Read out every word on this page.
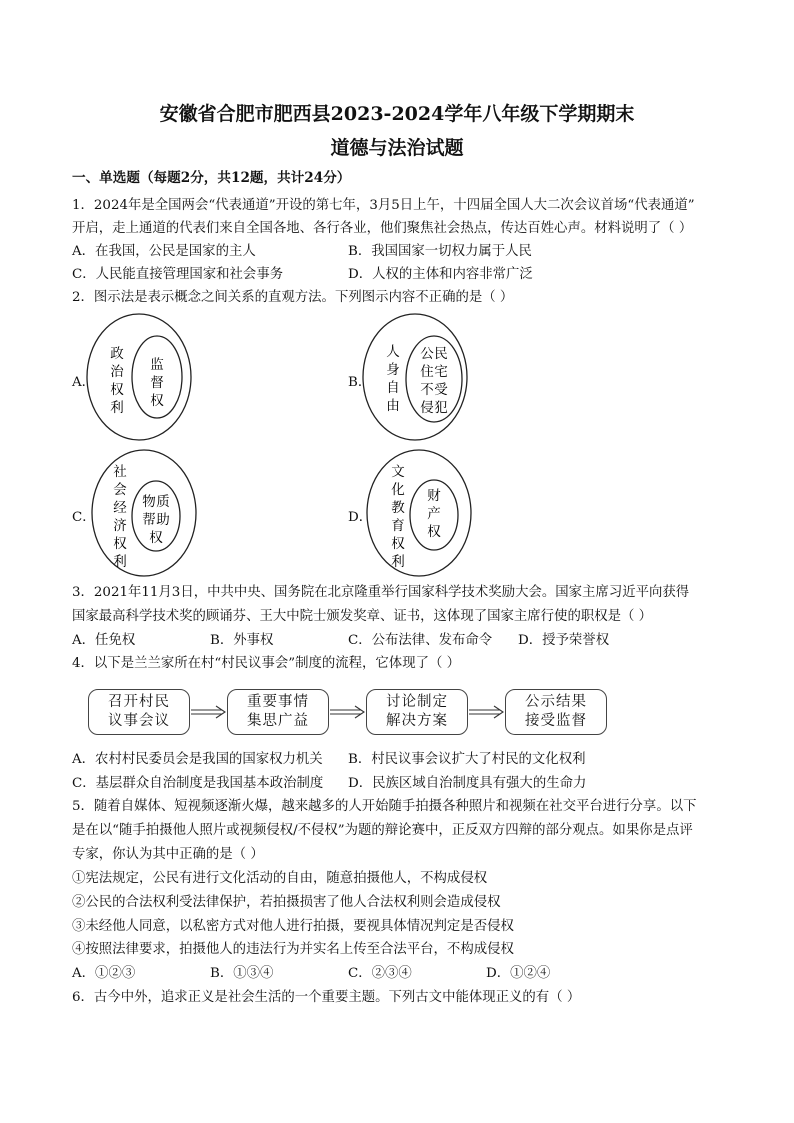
安徽省合肥市肥西县2023-2024学年八年级下学期期末
道德与法治试题
一、单选题（每题2分，共12题，共计24分）
1．2024年是全国两会“代表通道”开设的第七年，3月5日上午，十四届全国人大二次会议首场“代表通道”
开启，走上通道的代表们来自全国各地、各行各业，他们聚焦社会热点，传达百姓心声。材料说明了（ ）
A．在我国，公民是国家的主人	B．我国国家一切权力属于人民
C．人民能直接管理国家和社会事务	D．人权的主体和内容非常广泛
2．图示法是表示概念之间关系的直观方法。下列图示内容不正确的是（ ）
A．	B．
C．	D．
政
治
权
利
监
督
权
人
身
自
由
公
住
不
侵
民
宅
受
犯
社
会
经
济
权
利
物
帮
质
助
权
文
化
教
育
权
利
财
产
权
3．2021年11月3日，中共中央、国务院在北京隆重举行国家科学技术奖励大会。国家主席习近平向获得
国家最高科学技术奖的顾诵芬、王大中院士颁发奖章、证书，这体现了国家主席行使的职权是（ ）
A．任免权	B．外事权	C．公布法律、发布命令 D．授予荣誉权
4．以下是兰兰家所在村“村民议事会”制度的流程，它体现了（ ）
召开村民
议事会议
重要事情
集思广益
讨论制定
解决方案
公示结果
接受监督
A．农村村民委员会是我国的国家权力机关 B．村民议事会议扩大了村民的文化权利
C．基层群众自治制度是我国基本政治制度 D．民族区域自治制度具有强大的生命力
5．随着自媒体、短视频逐渐火爆，越来越多的人开始随手拍摄各种照片和视频在社交平台进行分享。以下
是在以“随手拍摄他人照片或视频侵权/不侵权”为题的辩论赛中，正反双方四辩的部分观点。如果你是点评
专家，你认为其中正确的是（ ）
①宪法规定，公民有进行文化活动的自由，随意拍摄他人，不构成侵权
②公民的合法权利受法律保护，若拍摄损害了他人合法权利则会造成侵权
③未经他人同意，以私密方式对他人进行拍摄，要视具体情况判定是否侵权
④按照法律要求，拍摄他人的违法行为并实名上传至合法平台，不构成侵权
A．①②③	B．①③④	C．②③④	D．①②④
6．古今中外，追求正义是社会生活的一个重要主题。下列古文中能体现正义的有（ ）
